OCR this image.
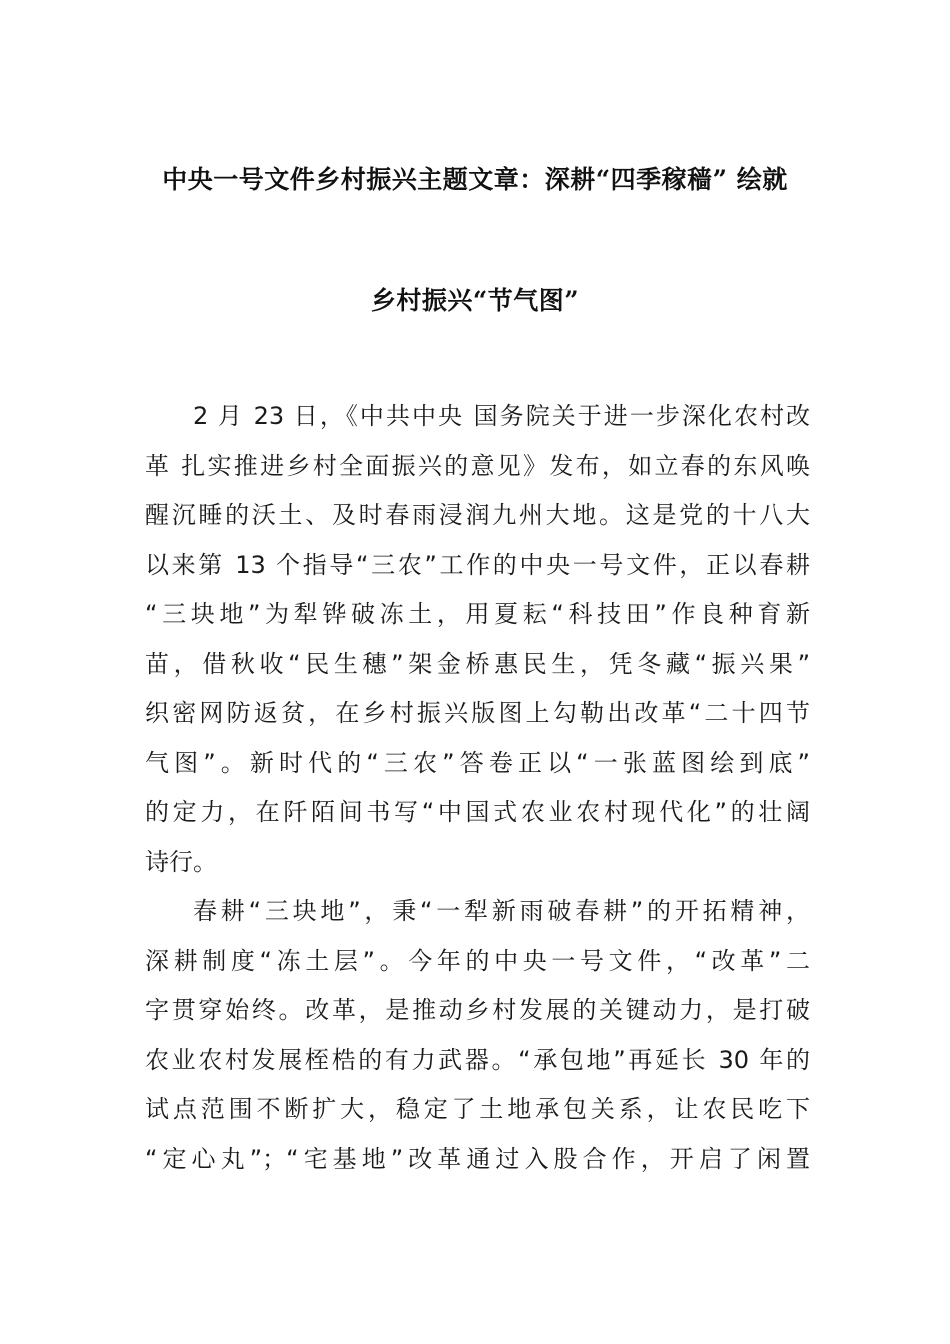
中央一号文件乡村振兴主题文章：深耕“四季稼穑” 绘就
乡村振兴“节气图”
2 月 23 日，《中共中央 国务院关于进一步深化农村改
革 扎实推进乡村全面振兴的意见》发布，如立春的东风唤
醒沉睡的沃土、及时春雨浸润九州大地。这是党的十八大
以来第 13 个指导“三农”工作的中央一号文件，正以春耕
“三块地”为犁铧破冻土，用夏耘“科技田”作良种育新
苗，借秋收“民生穗”架金桥惠民生，凭冬藏“振兴果”
织密网防返贫，在乡村振兴版图上勾勒出改革“二十四节
气图”。新时代的“三农”答卷正以“一张蓝图绘到底”
的定力，在阡陌间书写“中国式农业农村现代化”的壮阔
诗行。
春耕“三块地”，秉“一犁新雨破春耕”的开拓精神，
深耕制度“冻土层”。今年的中央一号文件，“改革”二
字贯穿始终。改革，是推动乡村发展的关键动力，是打破
农业农村发展桎梏的有力武器。“承包地”再延长 30 年的
试点范围不断扩大，稳定了土地承包关系，让农民吃下
“定心丸”；“宅基地”改革通过入股合作，开启了闲置
